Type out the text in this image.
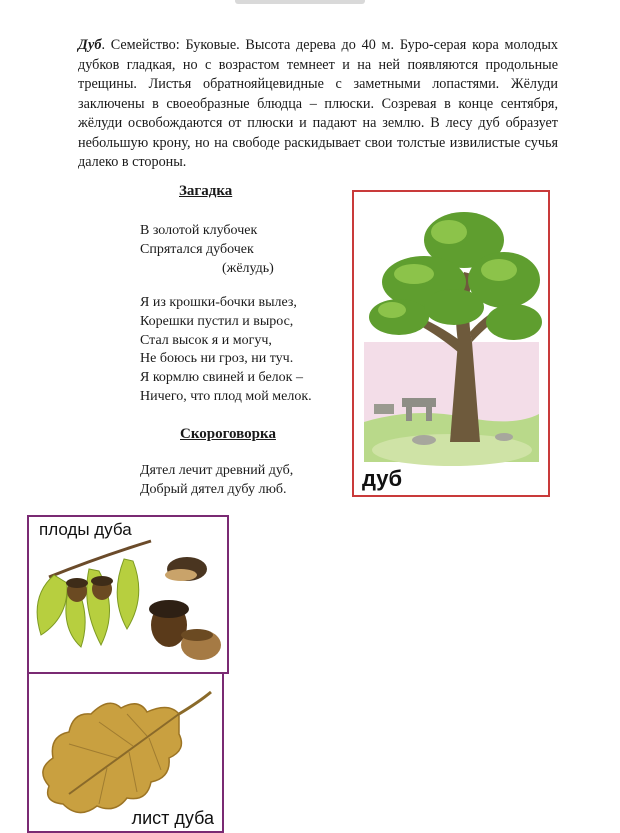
Дуб. Семейство: Буковые. Высота дерева до 40 м. Буро-серая кора молодых дубков гладкая, но с возрастом темнеет и на ней появляются продольные трещины. Листья обратнояйцевидные с заметными лопастями. Жёлуди заключены в своеобразные блюдца – плюски. Созревая в конце сентября, жёлуди освобождаются от плюски и падают на землю. В лесу дуб образует небольшую крону, но на свободе раскидывает свои толстые извилистые сучья далеко в стороны.

Загадка
В золотой клубочек
Спрятался дубочек
(жёлудь)
Я из крошки-бочки вылез,
Корешки пустил и вырос,
Стал высок я и могуч,
Не боюсь ни гроз, ни туч.
Я кормлю свиней и белок –
Ничего, что плод мой мелок.
Скороговорка
Дятел лечит древний дуб,
Добрый дятел дубу люб.	дуб
плоды дуба
лист дуба
